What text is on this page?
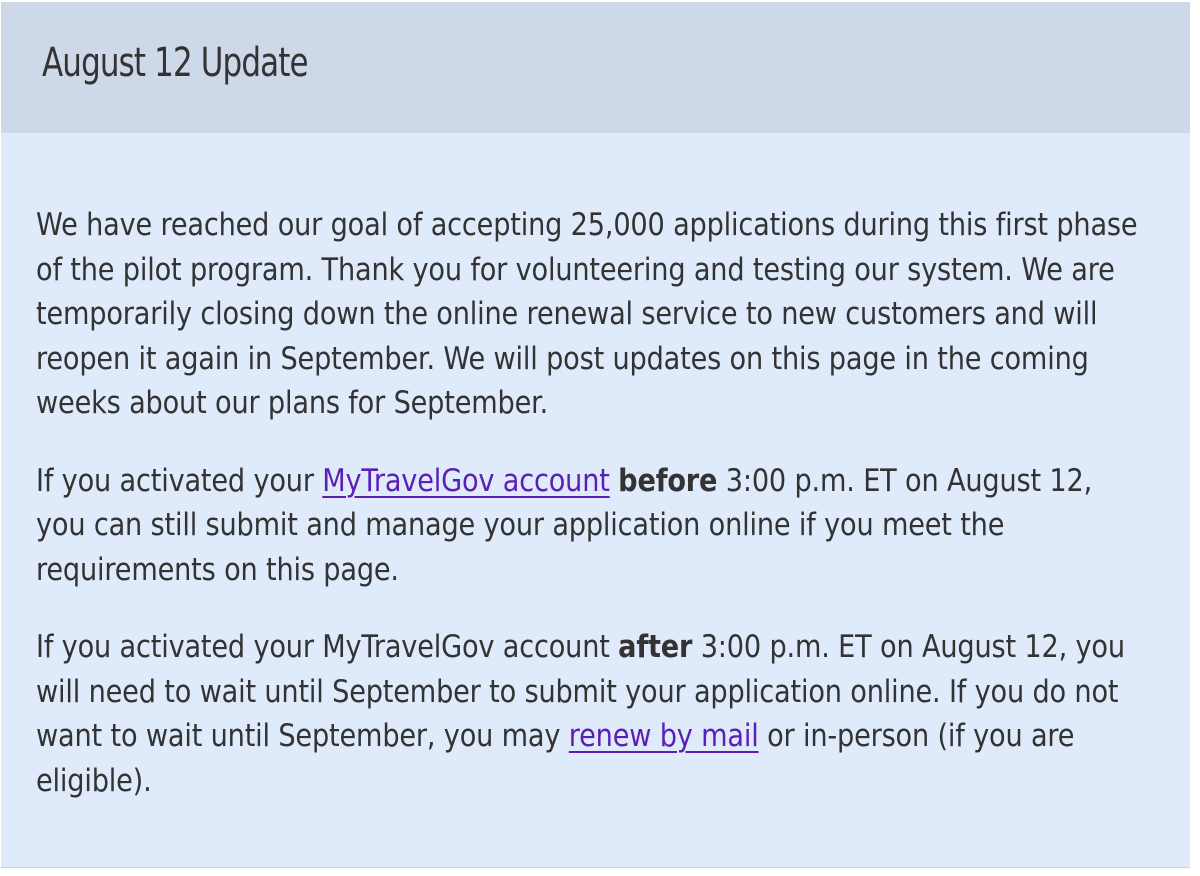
August 12 Update

We have reached our goal of accepting 25,000 applications during this first phase of the pilot program. Thank you for volunteering and testing our system. We are temporarily closing down the online renewal service to new customers and will reopen it again in September. We will post updates on this page in the coming weeks about our plans for September.

If you activated your MyTravelGov account before 3:00 p.m. ET on August 12, you can still submit and manage your application online if you meet the requirements on this page.

If you activated your MyTravelGov account after 3:00 p.m. ET on August 12, you will need to wait until September to submit your application online. If you do not want to wait until September, you may renew by mail or in-person (if you are eligible).
